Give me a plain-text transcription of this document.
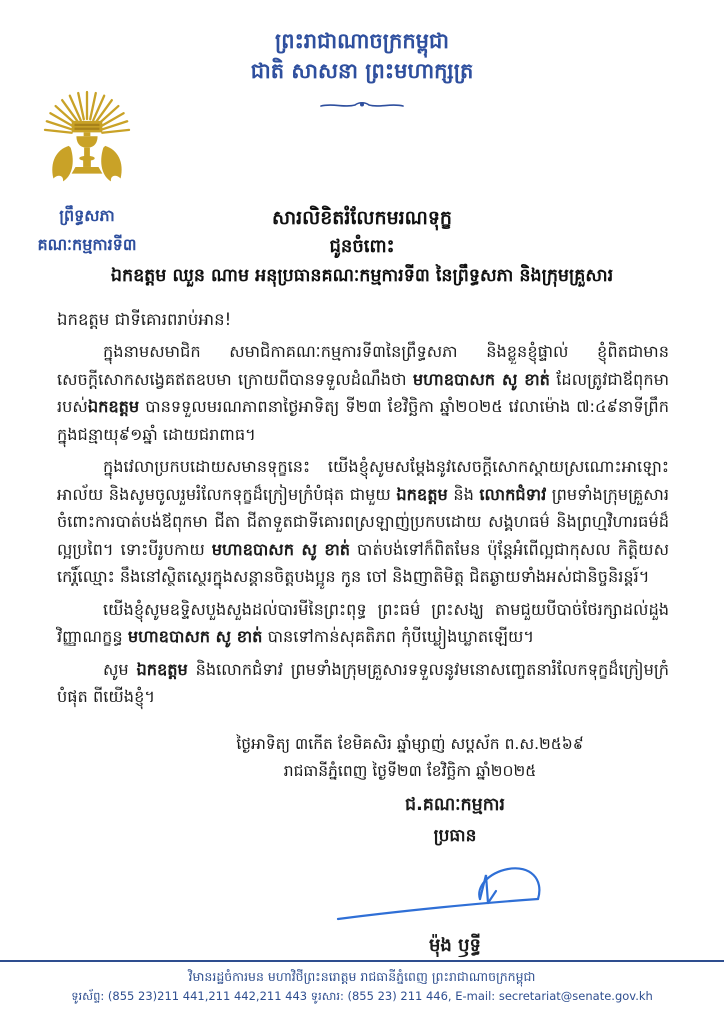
ព្រះរាជាណាចក្រកម្ពុជា
ជាតិ សាសនា ព្រះមហាក្សត្រ
ព្រឹទ្ធសភា
គណៈកម្មការទី៣
សារលិខិតរំលែកមរណទុក្ខ
ជូនចំពោះ
ឯកឧត្តម ឈួន ណាម អនុប្រធានគណៈកម្មការទី៣ នៃព្រឹទ្ធសភា និងក្រុមគ្រួសារ
ឯកឧត្តម ជាទីគោរពរាប់អាន!

ក្នុងនាមសមាជិក សមាជិកាគណៈកម្មការទី៣នៃព្រឹទ្ធសភា និងខ្លួនខ្ញុំផ្ទាល់ ខ្ញុំពិតជាមានសេចក្តីសោកសង្វេគឥតឧបមា ក្រោយពីបានទទួលដំណឹងថា មហាឧបាសក សូ ខាត់ ដែលត្រូវជាឪពុកមារបស់ឯកឧត្តម បានទទួលមរណភាពនាថ្ងៃអាទិត្យ ទី២៣ ខែវិច្ឆិកា ឆ្នាំ២០២៥ វេលាម៉ោង ៧:៤៩នាទីព្រឹក ក្នុងជន្មាយុ៩១ឆ្នាំ ដោយជរាពាធ។

ក្នុងវេលាប្រកបដោយសមានទុក្ខនេះ យើងខ្ញុំសូមសម្តែងនូវសេចក្តីសោកស្តាយស្រណោះអាឡោះអាល័យ និងសូមចូលរួមរំលែកទុក្ខដ៏ក្រៀមក្រំបំផុត ជាមួយ ឯកឧត្តម និង លោកជំទាវ ព្រមទាំងក្រុមគ្រួសារ ចំពោះការបាត់បង់ឪពុកមា ជីតា ជីតាទួតជាទីគោរពស្រឡាញ់ប្រកបដោយ សង្គហធម៌ និងព្រហ្មវិហារធម៌ដ៏ល្អប្រពៃ។ ទោះបីរូបកាយ មហាឧបាសក សូ ខាត់ បាត់បង់ទៅក៏ពិតមែន ប៉ុន្តែអំពើល្អជាកុសល កិត្តិយស កេរ្តិ៍ឈ្មោះ នឹងនៅស្ថិតស្ថេរក្នុងសន្តានចិត្តបងប្អូន កូន ចៅ និងញាតិមិត្ត ជិតឆ្ងាយទាំងអស់ជានិច្ចនិរន្តរ៍។

យើងខ្ញុំសូមឧទ្ទិសបួងសួងដល់បារមីនៃព្រះពុទ្ធ ព្រះធម៌ ព្រះសង្ឃ តាមជួយបីបាច់ថែរក្សាដល់ដួងវិញ្ញាណក្ខន្ធ មហាឧបាសក សូ ខាត់ បានទៅកាន់សុគតិភព កុំបីឃ្លៀងឃ្លាតឡើយ។

សូម ឯកឧត្តម និងលោកជំទាវ ព្រមទាំងក្រុមគ្រួសារទទួលនូវមនោសញ្ចេតនារំលែកទុក្ខដ៏ក្រៀមក្រំបំផុត ពីយើងខ្ញុំ។

ថ្ងៃអាទិត្យ ៣កើត ខែមិគសិរ ឆ្នាំម្សាញ់ សប្តស័ក ព.ស.២៥៦៩
រាជធានីភ្នំពេញ ថ្ងៃទី២៣ ខែវិច្ឆិកា ឆ្នាំ២០២៥
ជ.គណៈកម្មការ
ប្រធាន
ម៉ុង ឫទ្ធី
វិមានរដ្ឋចំការមន មហាវិថីព្រះនរោត្តម រាជធានីភ្នំពេញ ព្រះរាជាណាចក្រកម្ពុជា
ទូរស័ព្ទ: (855 23)211 441,211 442,211 443 ទូរសារ: (855 23) 211 446, E-mail: secretariat@senate.gov.kh
